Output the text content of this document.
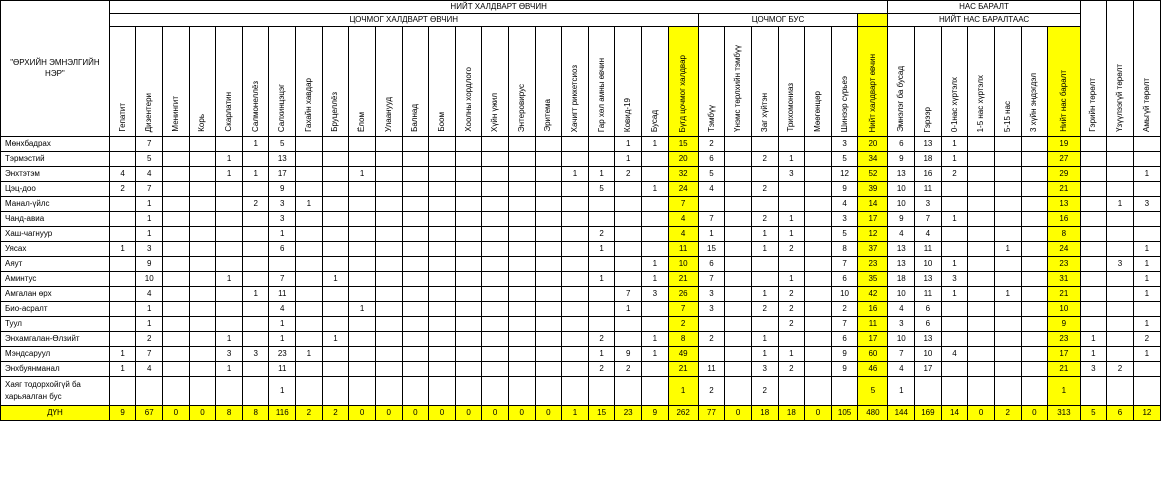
"ӨРХИЙН ЭМНЭЛГИЙН НЭР"	НИЙТ ХАЛДВАРТ ӨВЧИН																													НАС БАРАЛТ							Гэрийн төрөлт	Үзүүлээгүй төрөлт	Амьгүй төрөлт
	ЦОЧМОГ ХАЛДВАРТ ӨВЧИН																						ЦОЧМОГ БУС							НИЙТ НАС БАРАЛТААС									
	Гепатит	Дизентери	Менингит	Корь	Скарлатин	Салмонеллёз	Салхинцэцэг	Гахайн хавдар	Бруцеллёз	Ёлом	Улаанууд	Балнад	Боом	Хоолны хордлого	Хүйн үжил	Энтеровирус	Эритема	Хачигт риккетсиоз	Гар хөл амны өвчин	Ковид-19	Бусад	Бүгд цочмог халдвар	Тэмбүү	Үнэмс төрлхийн тэмбүү	Заг хүйтэн	Трихомониаз	Мөөгөнцөр	Шинээр сүрьеэ	Нийт халдварт өвчин	Эмнэлэг ба бусад	Гэрээр	0-1нас хүртэлх	1-5 нас хүртэлх	5-15 нас	3 хүйн эндэгдэл	Нийт нас баралт			
Мөнхбадрах		7				1	5													1	1	15	2					3	20	6	13	1				19			
Тэрмэстий		5			1		13													1		20	6		2	1		5	34	9	18	1				27			
Энхтэтэм	4	4			1	1	17			1								1	1	2		32	5			3		12	52	13	16	2				29			1
Цэц-доо	2	7					9												5		1	24	4		2			9	39	10	11					21			
Манал-үйлс		1				2	3	1														7						4	14	10	3					13		1	3
Чанд-авиа		1					3															4	7		2	1		3	17	9	7	1				16			
Хаш-чагнуур		1					1												2			4	1		1	1		5	12	4	4					8			
Уясах	1	3					6												1			11	15		1	2		8	37	13	11			1		24			1
Аяут		9																			1	10	6					7	23	13	10	1				23		3	1
Аминтус		10			1		7		1										1		1	21	7			1		6	35	18	13	3				31			1
Амгалан өрх		4				1	11													7	3	26	3		1	2		10	42	10	11	1		1		21			1
Био-асралт		1					4			1										1		7	3		2	2		2	16	4	6					10			
Туул		1					1															2				2		7	11	3	6					9			1
Энхамгалан-Өлзийт		2			1		1		1										2		1	8	2		1			6	17	10	13					23	1		2
Мэндсаруул	1	7			3	3	23	1											1	9	1	49			1	1		9	60	7	10	4				17	1		1
Энхбуянманал	1	4			1		11												2	2		21	11		3	2		9	46	4	17					21	3	2	
Хаяг тодорхойгүй ба харьяалган бус							1															1	2		2				5	1						1			
ДҮН	9	67	0	0	8	8	116	2	2	0	0	0	0	0	0	0	0	1	15	23	9	262	77	0	18	18	0	105	480	144	169	14	0	2	0	313	5	6	12
